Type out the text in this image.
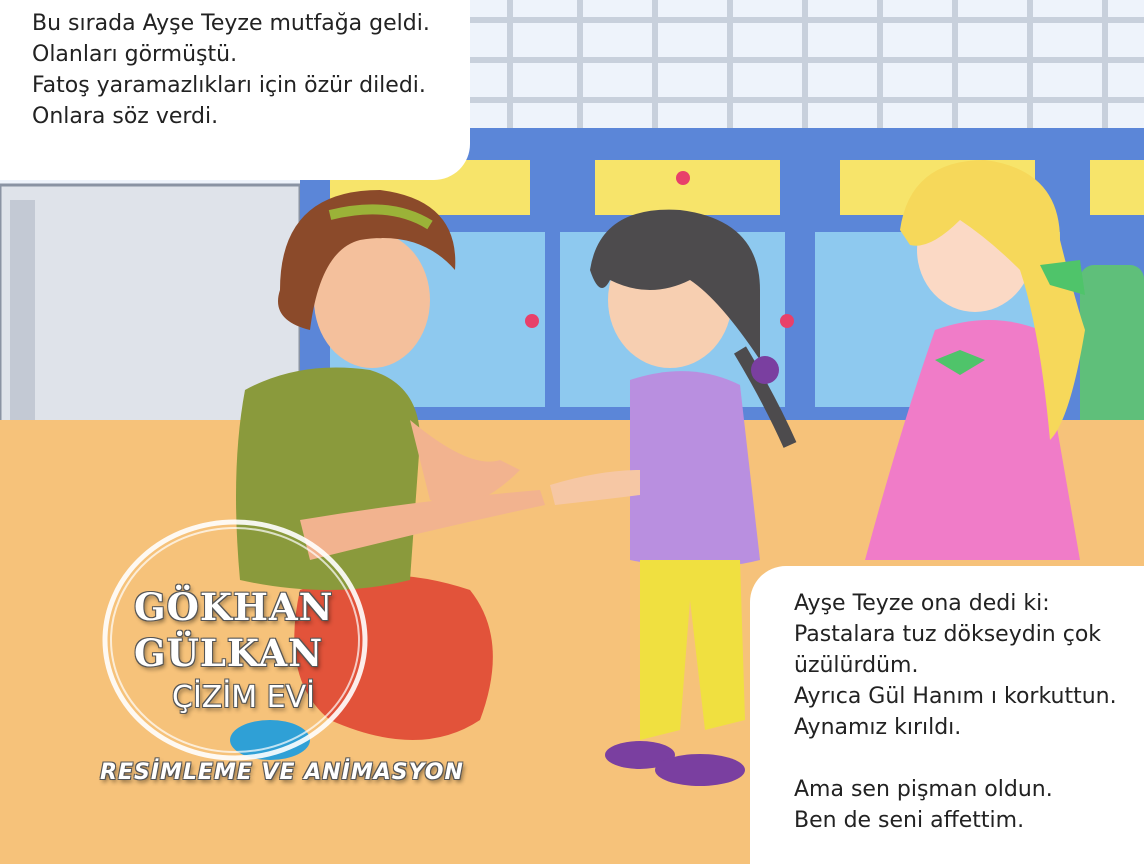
Bu sırada Ayşe Teyze mutfağa geldi.
Olanları görmüştü.
Fatoş yaramazlıkları için özür diledi.
Onlara söz verdi.
Ayşe Teyze ona dedi ki:
Pastalara tuz dökseydin çok
üzülürdüm.
Ayrıca Gül Hanım ı korkuttun.
Aynamız kırıldı.
Ama sen pişman oldun.
Ben de seni affettim.
GÖKHAN
GÜLKAN
ÇİZİM EVİ
RESİMLEME VE ANİMASYON
